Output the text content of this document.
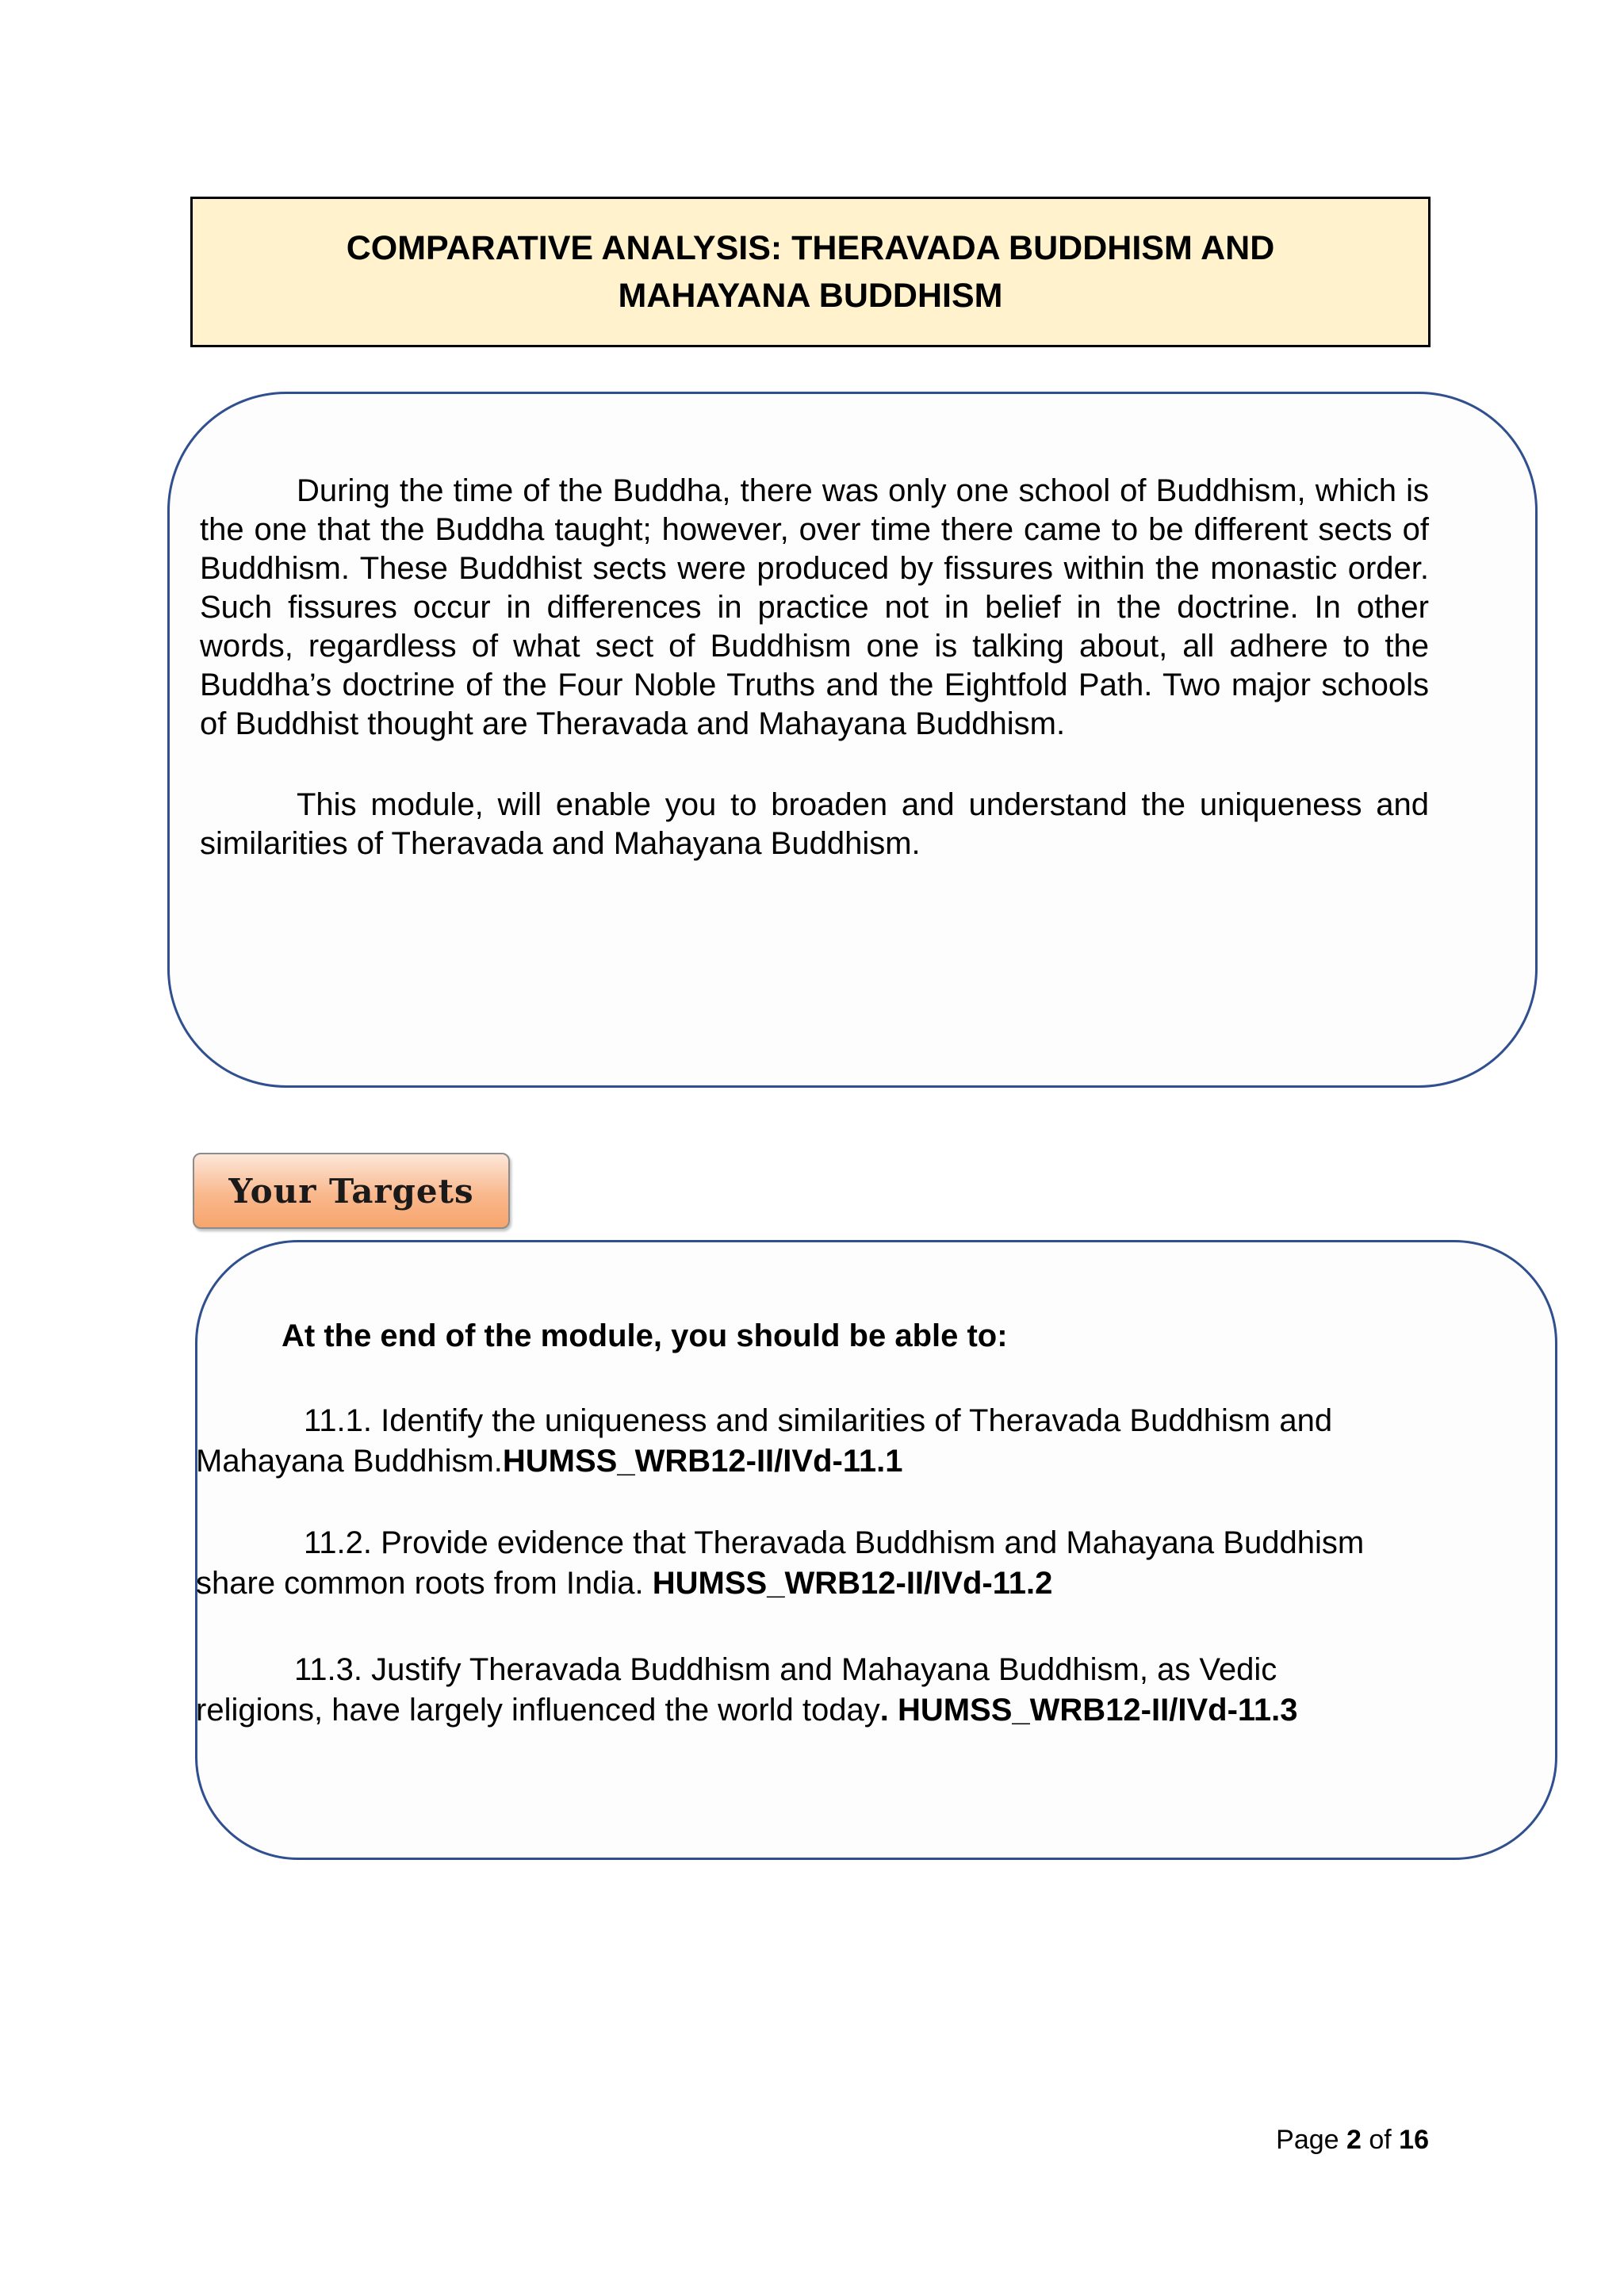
COMPARATIVE ANALYSIS: THERAVADA BUDDHISM AND
MAHAYANA BUDDHISM

During the time of the Buddha, there was only one school of Buddhism, which is the one that the Buddha taught; however, over time there came to be different sects of Buddhism. These Buddhist sects were produced by fissures within the monastic order. Such fissures occur in differences in practice not in belief in the doctrine. In other words, regardless of what sect of Buddhism one is talking about, all adhere to the Buddha’s doctrine of the Four Noble Truths and the Eightfold Path. Two major schools of Buddhist thought are Theravada and Mahayana Buddhism.

This module, will enable you to broaden and understand the uniqueness and similarities of Theravada and Mahayana Buddhism.

Your Targets

At the end of the module, you should be able to:

11.1. Identify the uniqueness and similarities of Theravada Buddhism and
Mahayana Buddhism.HUMSS_WRB12-II/IVd-11.1

11.2. Provide evidence that Theravada Buddhism and Mahayana Buddhism
share common roots from India. HUMSS_WRB12-II/IVd-11.2

11.3. Justify Theravada Buddhism and Mahayana Buddhism, as Vedic
religions, have largely influenced the world today. HUMSS_WRB12-II/IVd-11.3

Page 2 of 16
